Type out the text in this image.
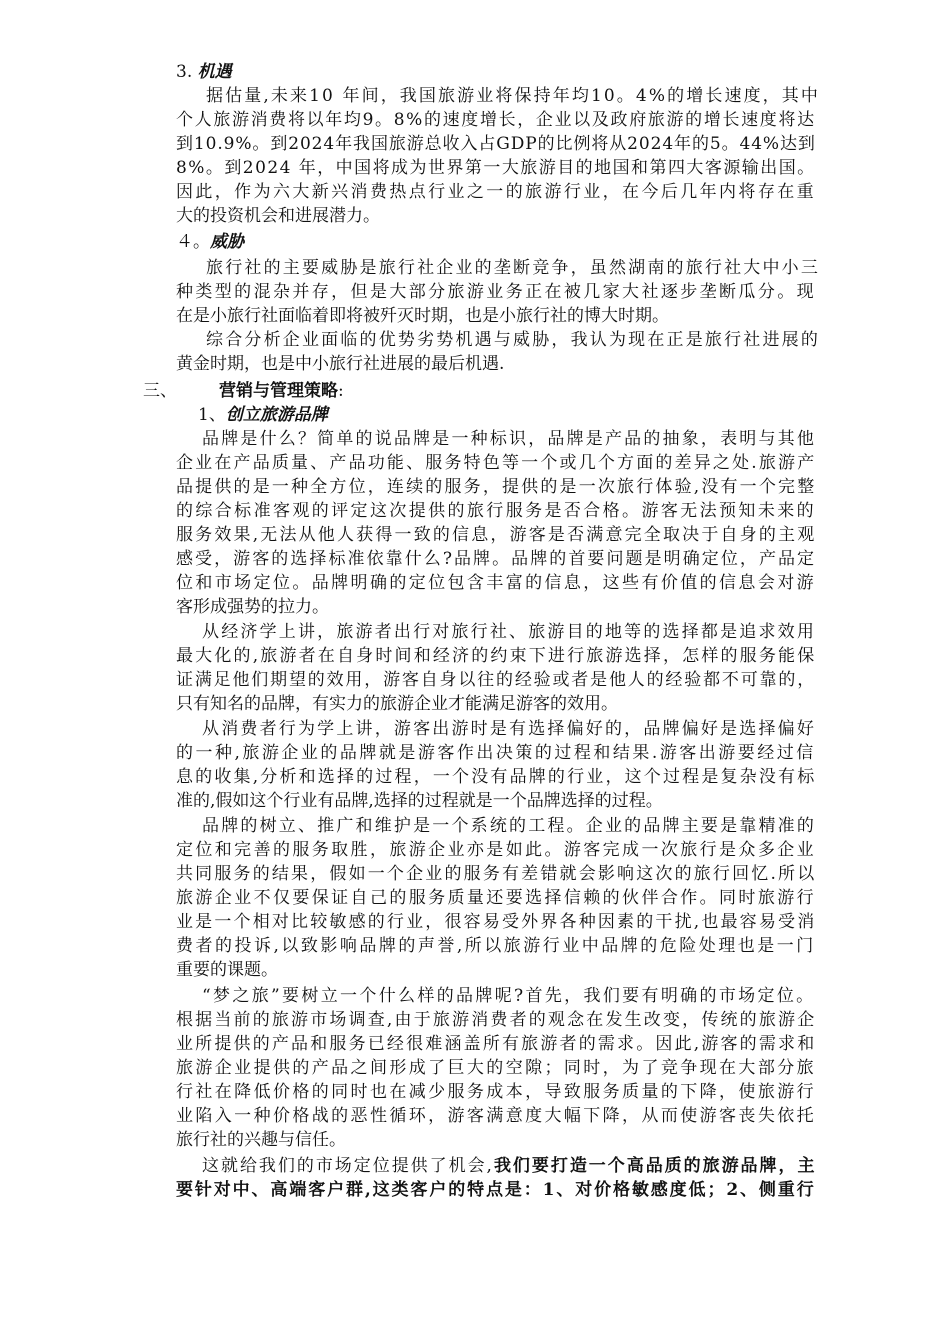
3. 机遇
据估量,未来10 年间，我国旅游业将保持年均10。4%的增长速度，其中
个人旅游消费将以年均9。8%的速度增长，企业以及政府旅游的增长速度将达
到10.9%。到2024年我国旅游总收入占GDP的比例将从2024年的5。44%达到
8%。到2024 年，中国将成为世界第一大旅游目的地国和第四大客源输出国。
因此，作为六大新兴消费热点行业之一的旅游行业，在今后几年内将存在重
大的投资机会和进展潜力。
４。威胁
旅行社的主要威胁是旅行社企业的垄断竞争，虽然湖南的旅行社大中小三
种类型的混杂并存，但是大部分旅游业务正在被几家大社逐步垄断瓜分。现
在是小旅行社面临着即将被歼灭时期，也是小旅行社的博大时期。
综合分析企业面临的优势劣势机遇与威胁，我认为现在正是旅行社进展的
黄金时期，也是中小旅行社进展的最后机遇.
三、 营销与管理策略:
1、创立旅游品牌
品牌是什么？简单的说品牌是一种标识，品牌是产品的抽象，表明与其他
企业在产品质量、产品功能、服务特色等一个或几个方面的差异之处.旅游产
品提供的是一种全方位，连续的服务，提供的是一次旅行体验,没有一个完整
的综合标准客观的评定这次提供的旅行服务是否合格。游客无法预知未来的
服务效果,无法从他人获得一致的信息，游客是否满意完全取决于自身的主观
感受，游客的选择标准依靠什么?品牌。品牌的首要问题是明确定位，产品定
位和市场定位。品牌明确的定位包含丰富的信息，这些有价值的信息会对游
客形成强势的拉力。
从经济学上讲，旅游者出行对旅行社、旅游目的地等的选择都是追求效用
最大化的,旅游者在自身时间和经济的约束下进行旅游选择，怎样的服务能保
证满足他们期望的效用，游客自身以往的经验或者是他人的经验都不可靠的，
只有知名的品牌，有实力的旅游企业才能满足游客的效用。
从消费者行为学上讲，游客出游时是有选择偏好的，品牌偏好是选择偏好
的一种,旅游企业的品牌就是游客作出决策的过程和结果.游客出游要经过信
息的收集,分析和选择的过程，一个没有品牌的行业，这个过程是复杂没有标
准的,假如这个行业有品牌,选择的过程就是一个品牌选择的过程。
品牌的树立、推广和维护是一个系统的工程。企业的品牌主要是靠精准的
定位和完善的服务取胜，旅游企业亦是如此。游客完成一次旅行是众多企业
共同服务的结果，假如一个企业的服务有差错就会影响这次的旅行回忆.所以
旅游企业不仅要保证自己的服务质量还要选择信赖的伙伴合作。同时旅游行
业是一个相对比较敏感的行业，很容易受外界各种因素的干扰,也最容易受消
费者的投诉,以致影响品牌的声誉,所以旅游行业中品牌的危险处理也是一门
重要的课题。
“梦之旅”要树立一个什么样的品牌呢?首先，我们要有明确的市场定位。
根据当前的旅游市场调查,由于旅游消费者的观念在发生改变，传统的旅游企
业所提供的产品和服务已经很难涵盖所有旅游者的需求。因此,游客的需求和
旅游企业提供的产品之间形成了巨大的空隙；同时，为了竞争现在大部分旅
行社在降低价格的同时也在减少服务成本，导致服务质量的下降，使旅游行
业陷入一种价格战的恶性循环，游客满意度大幅下降，从而使游客丧失依托
旅行社的兴趣与信任。
这就给我们的市场定位提供了机会,我们要打造一个高品质的旅游品牌，主
要针对中、高端客户群,这类客户的特点是：1、对价格敏感度低；2、侧重行
